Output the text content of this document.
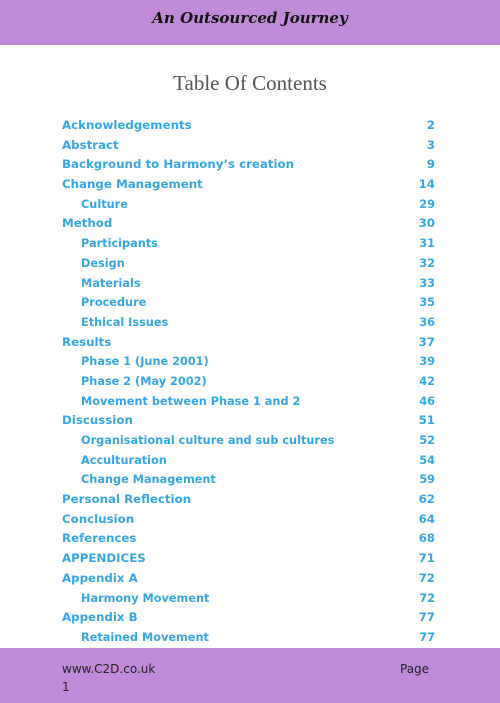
An Outsourced Journey
Table Of Contents
Acknowledgements	2
Abstract	3
Background to Harmony’s creation	9
Change Management	14
Culture	29
Method	30
Participants	31
Design	32
Materials	33
Procedure	35
Ethical Issues	36
Results	37
Phase 1 (June 2001)	39
Phase 2 (May 2002)	42
Movement between Phase 1 and 2	46
Discussion	51
Organisational culture and sub cultures	52
Acculturation	54
Change Management	59
Personal Reflection	62
Conclusion	64
References	68
APPENDICES	71
Appendix A	72
Harmony Movement	72
Appendix B	77
Retained Movement	77
www.C2D.co.uk	Page
1
